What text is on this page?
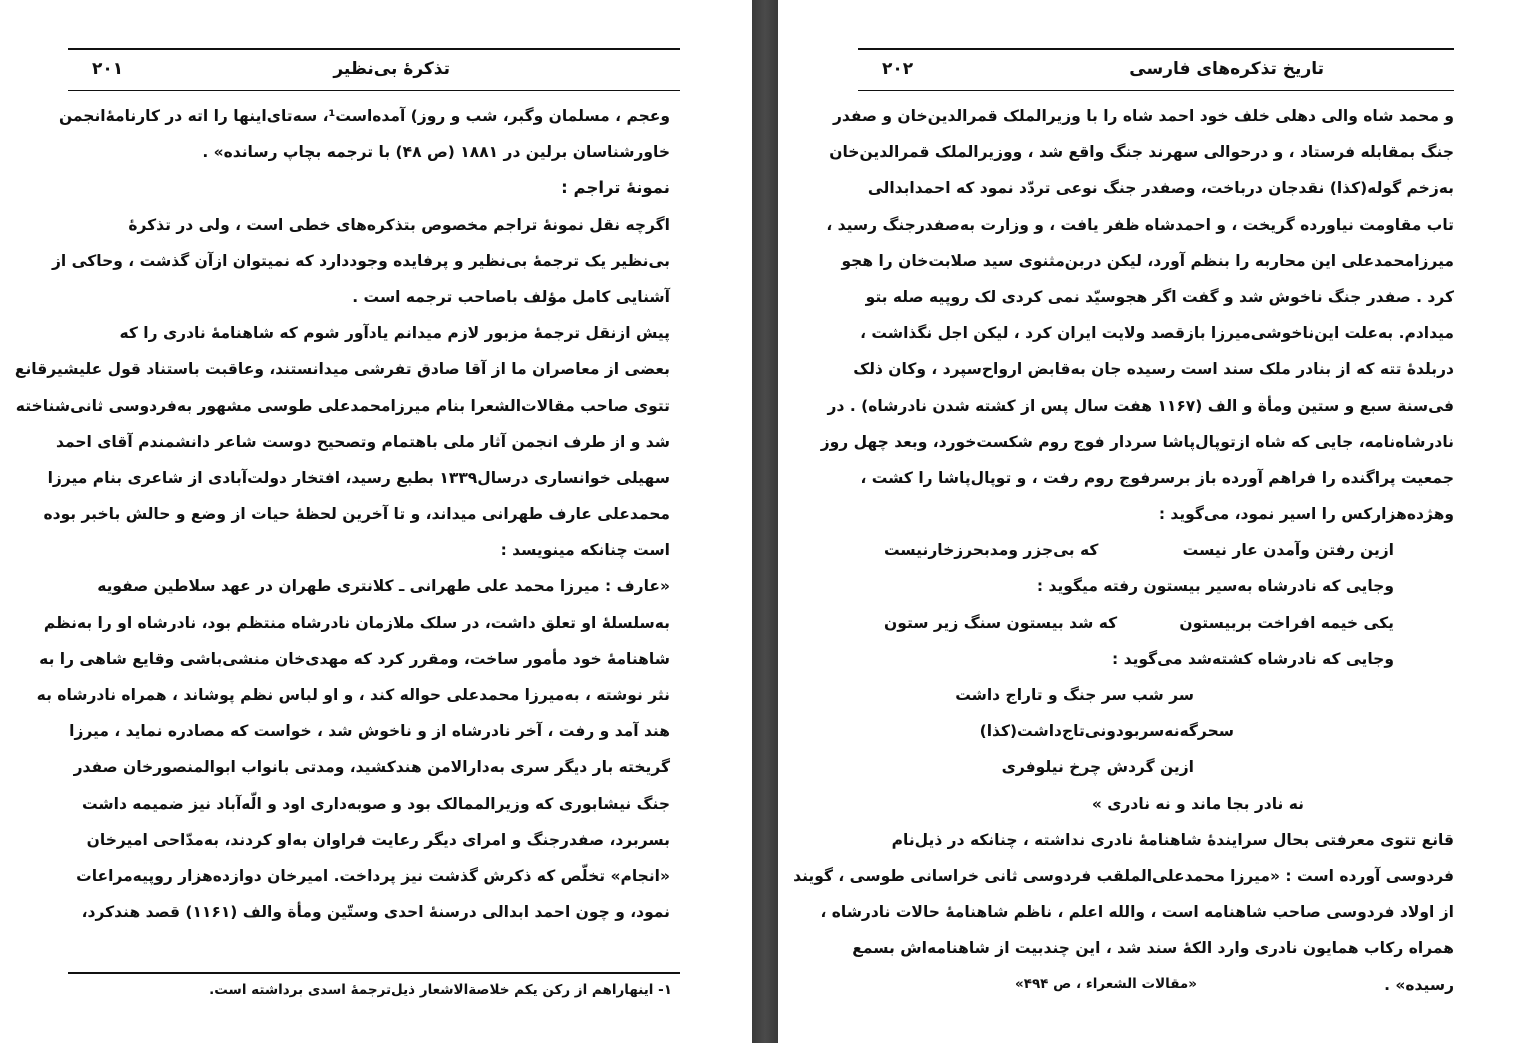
تذکرهٔ بی‌نظیر
۲۰۱
وعجم ، مسلمان وگبر، شب و روز) آمده‌است¹، سه‌تای‌اینها را اته در کارنامهٔ‌انجمن
خاورشناسان برلین در ۱۸۸۱ (ص ۴۸) با ترجمه بچاپ رسانده» .
نمونهٔ تراجم :
اگرچه نقل نمونهٔ تراجم مخصوص بتذکره‌های خطی است ، ولی در تذکرهٔ
بی‌نظیر یک ترجمهٔ بی‌نظیر و پرفایده وجوددارد که نمیتوان ازآن گذشت ، وحاکی از
آشنایی کامل مؤلف باصاحب ترجمه است .
پیش ازنقل ترجمهٔ مزبور لازم میدانم یادآور شوم که شاهنامهٔ نادری را که
بعضی از معاصران ما از آقا صادق تفرشی میدانستند، وعاقبت باستناد قول علیشیرقانع
تتوی صاحب مقالات‌الشعرا بنام میرزامحمدعلی طوسی مشهور به‌فردوسی ثانی‌شناخته
شد و از طرف انجمن آثار ملی باهتمام وتصحیح دوست شاعر دانشمندم آقای احمد
سهیلی خوانساری درسال۱۳۳۹ بطبع رسید، افتخار دولت‌آبادی از شاعری بنام میرزا
محمدعلی عارف طهرانی میداند، و تا آخرین لحظهٔ حیات از وضع و حالش باخبر بوده
است چنانکه مینویسد :
«عارف : میرزا محمد علی طهرانی ـ کلانتری طهران در عهد سلاطین صفویه
به‌سلسلهٔ او تعلق داشت، در سلک ملازمان نادرشاه منتظم بود، نادرشاه او را به‌نظم
شاهنامهٔ خود مأمور ساخت، ومقرر کرد که مهدی‌خان منشی‌باشی وقایع شاهی را به
نثر نوشته ، به‌میرزا محمدعلی حواله کند ، و او لباس نظم پوشاند ، همراه نادرشاه به
هند آمد و رفت ، آخر نادرشاه از و ناخوش شد ، خواست که مصادره نماید ، میرزا
گریخته بار دیگر سری به‌دارالامن هندکشید، ومدتی بانواب ابوالمنصورخان صفدر
جنگ نیشابوری که وزیرالممالک بود و صوبه‌داری اود و الّه‌آباد نیز ضمیمه داشت
بسربرد، صفدرجنگ و امرای دیگر رعایت فراوان به‌او کردند، به‌مدّاحی امیرخان
«انجام» تخلّص که ذکرش گذشت نیز پرداخت. امیرخان دوازده‌هزار روپیه‌مراعات
نمود، و چون احمد ابدالی درسنهٔ احدی وستّین ومأة والف (۱۱۶۱) قصد هندکرد،
۱- اینهاراهم از رکن یکم خلاصة‌الاشعار ذیل‌ترجمهٔ اسدی برداشته است.
تاریخ تذکره‌های فارسی
۲۰۲
و محمد شاه والی دهلی خلف خود احمد شاه را با وزیرالملک قمرالدین‌خان و صفدر
جنگ بمقابله فرستاد ، و درحوالی سهرند جنگ واقع شد ، ووزیرالملک قمرالدین‌خان
به‌زخم گوله(کذا) نقدجان درباخت، وصفدر جنگ نوعی تردّد نمود که احمدابدالی
تاب مقاومت نیاورده گریخت ، و احمدشاه ظفر یافت ، و وزارت به‌صفدرجنگ رسید ،
میرزامحمدعلی این محاربه را بنظم آورد، لیکن دربن‌مثنوی سید صلابت‌خان را هجو
کرد . صفدر جنگ ناخوش شد و گفت اگر هجوسیّد نمی کردی لک روپیه صله بتو
میدادم. به‌علت این‌ناخوشی‌میرزا بازقصد ولایت ایران کرد ، لیکن اجل نگذاشت ،
دربلدهٔ تته که از بنادر ملک سند است رسیده جان به‌قابض ارواح‌سپرد ، وکان ذلک
فی‌سنة سبع و ستین ومأة و الف (۱۱۶۷ هفت سال پس از کشته شدن نادرشاه) . در
نادرشاه‌نامه، جایی که شاه ازتوپال‌پاشا سردار فوج روم شکست‌خورد، وبعد چهل روز
جمعیت پراگنده را فراهم آورده باز برسرفوج روم رفت ، و توپال‌پاشا را کشت ،
وهژده‌هزارکس را اسیر نمود، می‌گوید :
ازین رفتن وآمدن عار نیست
که بی‌جزر ومدبحرزخارنیست
وجایی که نادرشاه به‌سیر بیستون رفته میگوید :
یکی خیمه افراخت بربیستون
که شد بیستون سنگ زیر ستون
وجایی که نادرشاه کشته‌شد می‌گوید :
سر شب سر جنگ و تاراج داشت
سحرگه‌نه‌سربودونی‌تاج‌داشت(کذا)
ازین گردش چرخ نیلوفری
نه نادر بجا ماند و نه نادری »
قانع تتوی معرفتی بحال سرایندهٔ شاهنامهٔ نادری نداشته ، چنانکه در ذیل‌نام
فردوسی آورده است : «میرزا محمدعلی‌الملقب فردوسی ثانی خراسانی طوسی ، گویند
از اولاد فردوسی صاحب شاهنامه است ، والله اعلم ، ناظم شاهنامهٔ حالات نادرشاه ،
همراه رکاب همایون نادری وارد الکهٔ سند شد ، این چندبیت از شاهنامه‌اش بسمع
رسیده» .
«مقالات الشعراء ، ص ۴۹۴»
